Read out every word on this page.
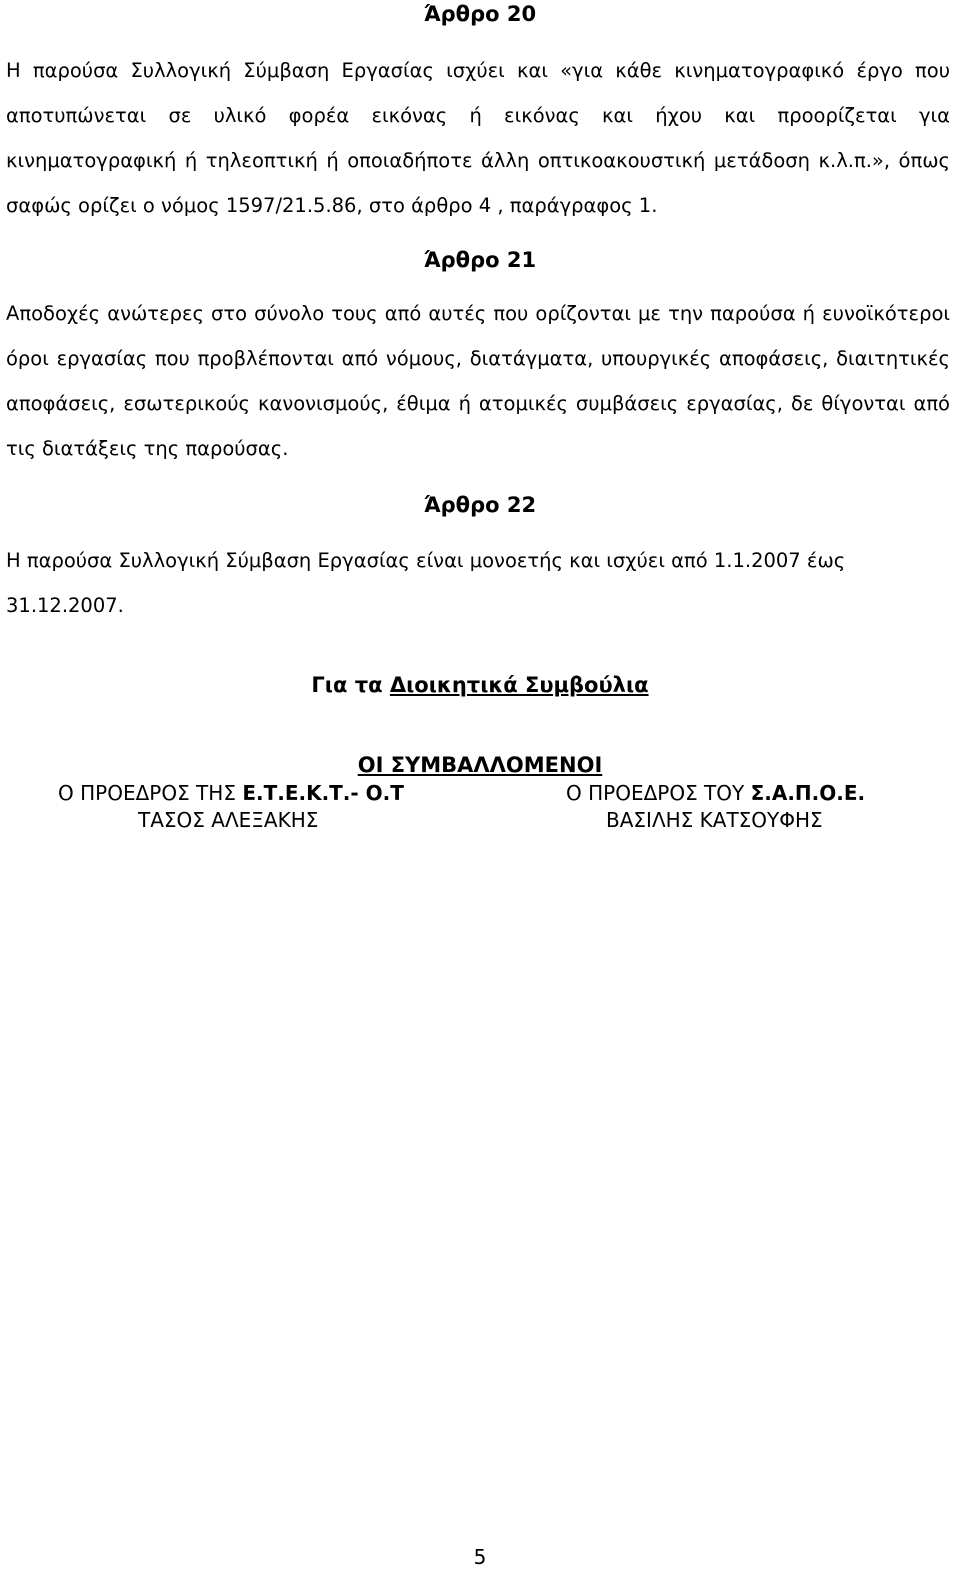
Άρθρο 20

Η παρούσα Συλλογική Σύμβαση Εργασίας ισχύει και «για κάθε κινηματογραφικό έργο που αποτυπώνεται σε υλικό φορέα εικόνας ή εικόνας και ήχου και προορίζεται για κινηματογραφική ή τηλεοπτική ή οποιαδήποτε άλλη οπτικοακουστική μετάδοση κ.λ.π.», όπως σαφώς ορίζει ο νόμος 1597/21.5.86, στο άρθρο 4 , παράγραφος 1.

Άρθρο 21

Αποδοχές ανώτερες στο σύνολο τους από αυτές που ορίζονται με την παρούσα ή ευνοϊκότεροι όροι εργασίας που προβλέπονται από νόμους, διατάγματα, υπουργικές αποφάσεις, διαιτητικές αποφάσεις, εσωτερικούς κανονισμούς, έθιμα ή ατομικές συμβάσεις εργασίας, δε θίγονται από τις διατάξεις της παρούσας.

Άρθρο 22

Η παρούσα Συλλογική Σύμβαση Εργασίας είναι μονοετής και ισχύει από 1.1.2007 έως 31.12.2007.

Για τα Διοικητικά Συμβούλια
ΟΙ ΣΥΜΒΑΛΛΟΜΕΝΟΙ
Ο ΠΡΟΕΔΡΟΣ ΤΗΣ Ε.Τ.Ε.Κ.Τ.- Ο.Τ
ΤΑΣΟΣ ΑΛΕΞΑΚΗΣ
Ο ΠΡΟΕΔΡΟΣ ΤΟΥ Σ.Α.Π.Ο.Ε.
ΒΑΣΙΛΗΣ ΚΑΤΣΟΥΦΗΣ
5
